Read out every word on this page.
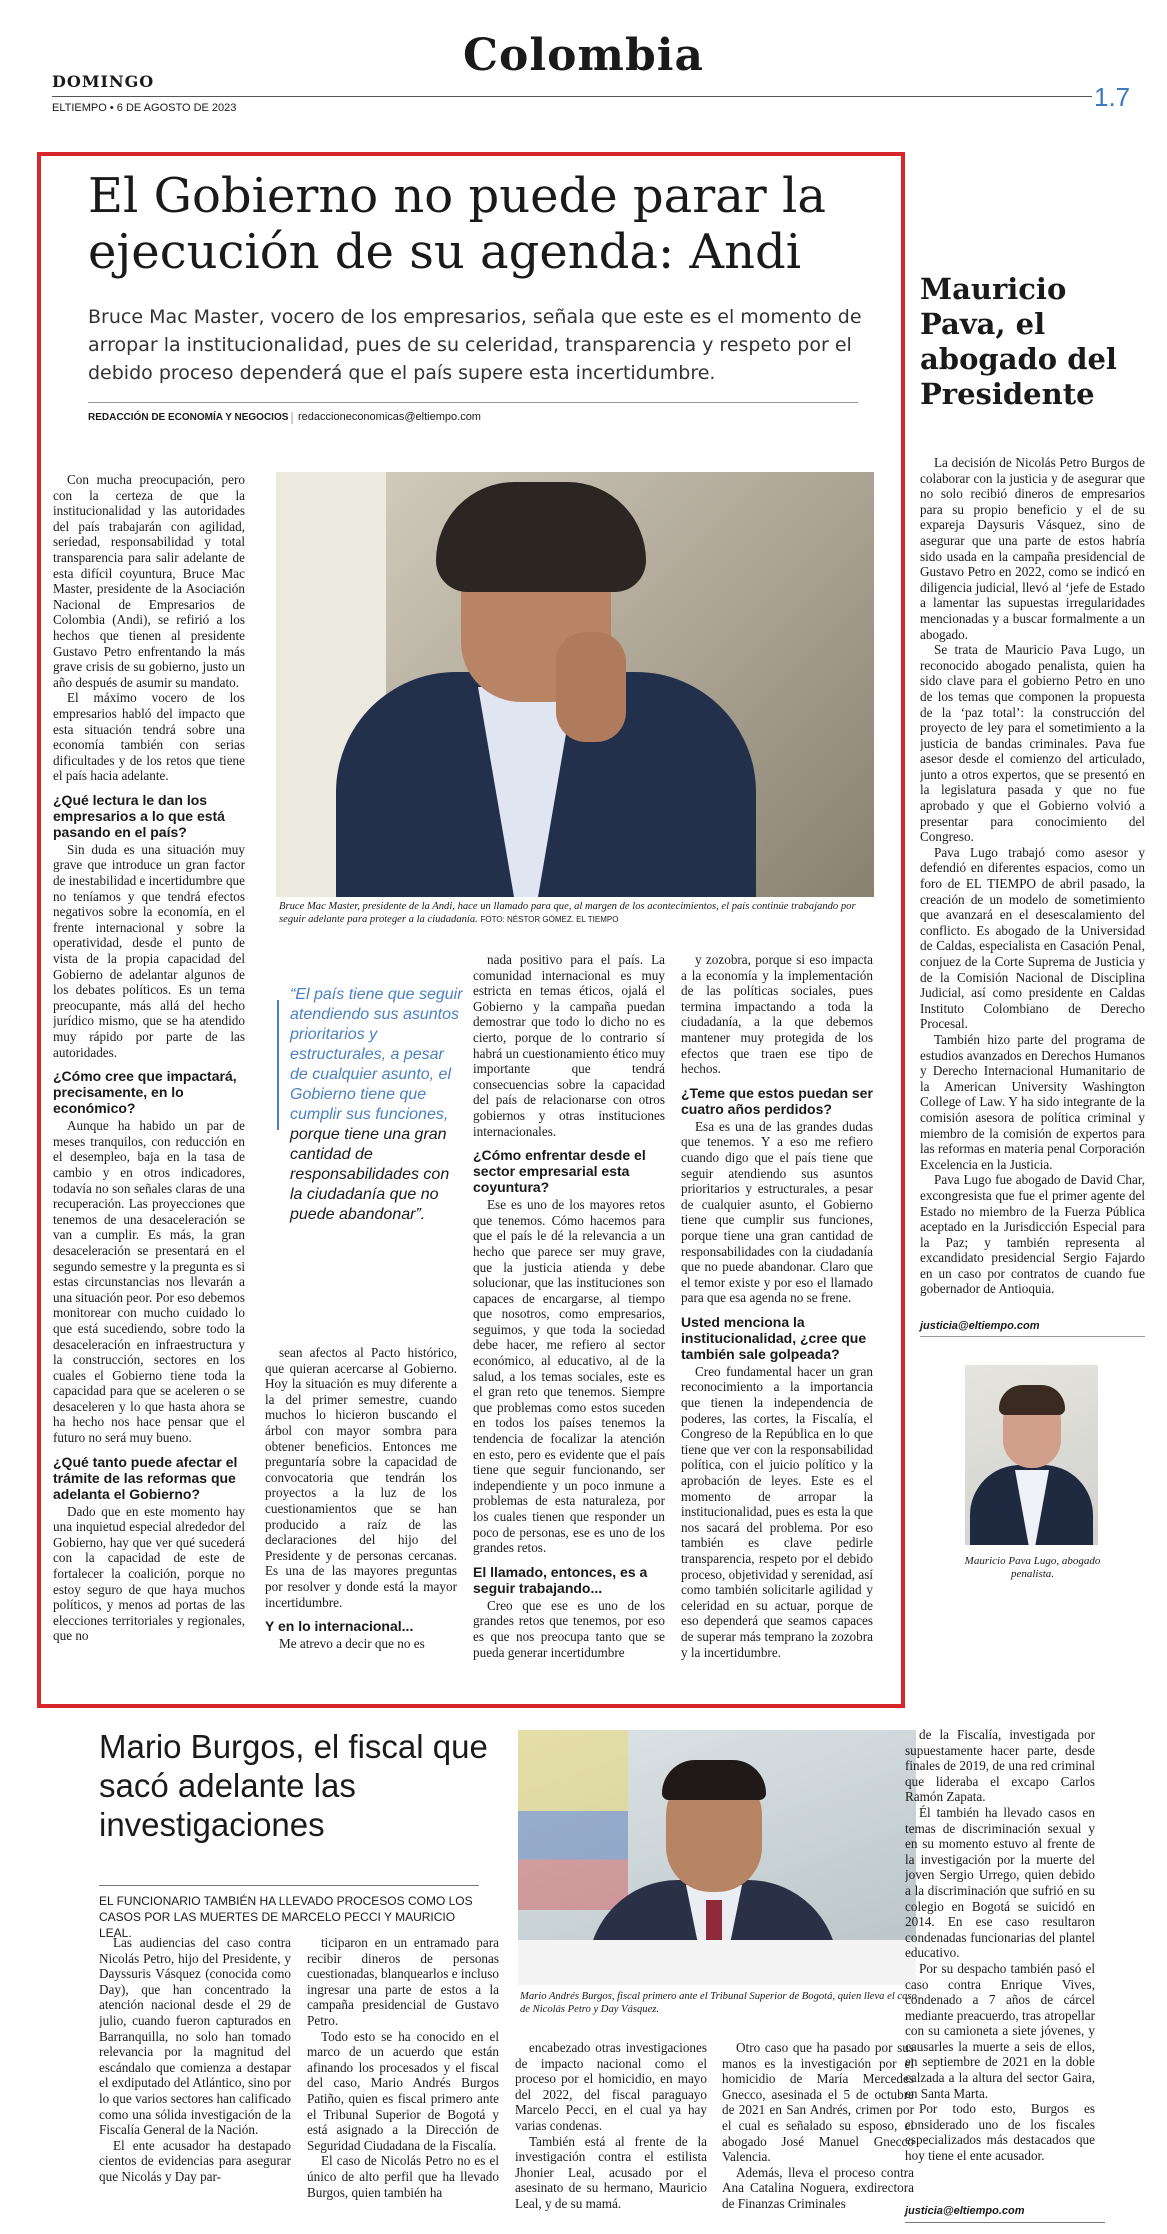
Colombia
DOMINGO
ELTIEMPO • 6 DE AGOSTO DE 2023	1.7
El Gobierno no puede parar la ejecución de su agenda: Andi

Bruce Mac Master, vocero de los empresarios, señala que este es el momento de arropar la institucionalidad, pues de su celeridad, transparencia y respeto por el debido proceso dependerá que el país supere esta incertidumbre.

REDACCIÓN DE ECONOMÍA Y NEGOCIOS | redaccioneconomicas@eltiempo.com

Con mucha preocupación, pero con la certeza de que la institucionalidad y las autoridades del país trabajarán con agilidad, seriedad, responsabilidad y total transparencia para salir adelante de esta difícil coyuntura, Bruce Mac Master, presidente de la Asociación Nacional de Empresarios de Colombia (Andi), se refirió a los hechos que tienen al presidente Gustavo Petro enfrentando la más grave crisis de su gobierno, justo un año después de asumir su mandato.

El máximo vocero de los empresarios habló del impacto que esta situación tendrá sobre una economía también con serias dificultades y de los retos que tiene el país hacia adelante.

¿Qué lectura le dan los empresarios a lo que está pasando en el país?

Sin duda es una situación muy grave que introduce un gran factor de inestabilidad e incertidumbre que no teníamos y que tendrá efectos negativos sobre la economía, en el frente internacional y sobre la operatividad, desde el punto de vista de la propia capacidad del Gobierno de adelantar algunos de los debates políticos. Es un tema preocupante, más allá del hecho jurídico mismo, que se ha atendido muy rápido por parte de las autoridades.

¿Cómo cree que impactará, precisamente, en lo económico?

Aunque ha habido un par de meses tranquilos, con reducción en el desempleo, baja en la tasa de cambio y en otros indicadores, todavía no son señales claras de una recuperación. Las proyecciones que tenemos de una desaceleración se van a cumplir. Es más, la gran desaceleración se presentará en el segundo semestre y la pregunta es si estas circunstancias nos llevarán a una situación peor. Por eso debemos monitorear con mucho cuidado lo que está sucediendo, sobre todo la desaceleración en infraestructura y la construcción, sectores en los cuales el Gobierno tiene toda la capacidad para que se aceleren o se desaceleren y lo que hasta ahora se ha hecho nos hace pensar que el futuro no será muy bueno.

¿Qué tanto puede afectar el trámite de las reformas que adelanta el Gobierno?

Dado que en este momento hay una inquietud especial alrededor del Gobierno, hay que ver qué sucederá con la capacidad de este de fortalecer la coalición, porque no estoy seguro de que haya muchos políticos, y menos ad portas de las elecciones territoriales y regionales, que no

Bruce Mac Master, presidente de la Andi, hace un llamado para que, al margen de los acontecimientos, el país continúe trabajando por seguir adelante para proteger a la ciudadanía. FOTO: NÉSTOR GÓMEZ. EL TIEMPO
“El país tiene que seguir atendiendo sus asuntos prioritarios y estructurales, a pesar de cualquier asunto, el Gobierno tiene que cumplir sus funciones, porque tiene una gran cantidad de responsabilidades con la ciudadanía que no puede abandonar”.

sean afectos al Pacto histórico, que quieran acercarse al Gobierno. Hoy la situación es muy diferente a la del primer semestre, cuando muchos lo hicieron buscando el árbol con mayor sombra para obtener beneficios. Entonces me preguntaría sobre la capacidad de convocatoria que tendrán los proyectos a la luz de los cuestionamientos que se han producido a raíz de las declaraciones del hijo del Presidente y de personas cercanas. Es una de las mayores preguntas por resolver y donde está la mayor incertidumbre.

Y en lo internacional...

Me atrevo a decir que no es

nada positivo para el país. La comunidad internacional es muy estricta en temas éticos, ojalá el Gobierno y la campaña puedan demostrar que todo lo dicho no es cierto, porque de lo contrario sí habrá un cuestionamiento ético muy importante que tendrá consecuencias sobre la capacidad del país de relacionarse con otros gobiernos y otras instituciones internacionales.

¿Cómo enfrentar desde el sector empresarial esta coyuntura?

Ese es uno de los mayores retos que tenemos. Cómo hacemos para que el país le dé la relevancia a un hecho que parece ser muy grave, que la justicia atienda y debe solucionar, que las instituciones son capaces de encargarse, al tiempo que nosotros, como empresarios, seguimos, y que toda la sociedad debe hacer, me refiero al sector económico, al educativo, al de la salud, a los temas sociales, este es el gran reto que tenemos. Siempre que problemas como estos suceden en todos los países tenemos la tendencia de focalizar la atención en esto, pero es evidente que el país tiene que seguir funcionando, ser independiente y un poco inmune a problemas de esta naturaleza, por los cuales tienen que responder un poco de personas, ese es uno de los grandes retos.

El llamado, entonces, es a seguir trabajando...

Creo que ese es uno de los grandes retos que tenemos, por eso es que nos preocupa tanto que se pueda generar incertidumbre

y zozobra, porque si eso impacta a la economía y la implementación de las políticas sociales, pues termina impactando a toda la ciudadanía, a la que debemos mantener muy protegida de los efectos que traen ese tipo de hechos.

¿Teme que estos puedan ser cuatro años perdidos?

Esa es una de las grandes dudas que tenemos. Y a eso me refiero cuando digo que el país tiene que seguir atendiendo sus asuntos prioritarios y estructurales, a pesar de cualquier asunto, el Gobierno tiene que cumplir sus funciones, porque tiene una gran cantidad de responsabilidades con la ciudadanía que no puede abandonar. Claro que el temor existe y por eso el llamado para que esa agenda no se frene.

Usted menciona la institucionalidad, ¿cree que también sale golpeada?

Creo fundamental hacer un gran reconocimiento a la importancia que tienen la independencia de poderes, las cortes, la Fiscalía, el Congreso de la República en lo que tiene que ver con la responsabilidad política, con el juicio político y la aprobación de leyes. Este es el momento de arropar la institucionalidad, pues es esta la que nos sacará del problema. Por eso también es clave pedirle transparencia, respeto por el debido proceso, objetividad y serenidad, así como también solicitarle agilidad y celeridad en su actuar, porque de eso dependerá que seamos capaces de superar más temprano la zozobra y la incertidumbre.

Mauricio Pava, el abogado del Presidente

La decisión de Nicolás Petro Burgos de colaborar con la justicia y de asegurar que no solo recibió dineros de empresarios para su propio beneficio y el de su expareja Daysuris Vásquez, sino de asegurar que una parte de estos habría sido usada en la campaña presidencial de Gustavo Petro en 2022, como se indicó en diligencia judicial, llevó al ‘jefe de Estado a lamentar las supuestas irregularidades mencionadas y a buscar formalmente a un abogado.

Se trata de Mauricio Pava Lugo, un reconocido abogado penalista, quien ha sido clave para el gobierno Petro en uno de los temas que componen la propuesta de la ‘paz total’: la construcción del proyecto de ley para el sometimiento a la justicia de bandas criminales. Pava fue asesor desde el comienzo del articulado, junto a otros expertos, que se presentó en la legislatura pasada y que no fue aprobado y que el Gobierno volvió a presentar para conocimiento del Congreso.

Pava Lugo trabajó como asesor y defendió en diferentes espacios, como un foro de EL TIEMPO de abril pasado, la creación de un modelo de sometimiento que avanzará en el desescalamiento del conflicto. Es abogado de la Universidad de Caldas, especialista en Casación Penal, conjuez de la Corte Suprema de Justicia y de la Comisión Nacional de Disciplina Judicial, así como presidente en Caldas Instituto Colombiano de Derecho Procesal.

También hizo parte del programa de estudios avanzados en Derechos Humanos y Derecho Internacional Humanitario de la American University Washington College of Law. Y ha sido integrante de la comisión asesora de política criminal y miembro de la comisión de expertos para las reformas en materia penal Corporación Excelencia en la Justicia.

Pava Lugo fue abogado de David Char, excongresista que fue el primer agente del Estado no miembro de la Fuerza Pública aceptado en la Jurisdicción Especial para la Paz; y también representa al excandidato presidencial Sergio Fajardo en un caso por contratos de cuando fue gobernador de Antioquia.

justicia@eltiempo.com
Mauricio Pava Lugo, abogado penalista.
Mario Burgos, el fiscal que sacó adelante las investigaciones
EL FUNCIONARIO TAMBIÉN HA LLEVADO PROCESOS COMO LOS CASOS POR LAS MUERTES DE MARCELO PECCI Y MAURICIO LEAL.
Mario Andrés Burgos, fiscal primero ante el Tribunal Superior de Bogotá, quien lleva el caso de Nicolás Petro y Day Vásquez.

Las audiencias del caso contra Nicolás Petro, hijo del Presidente, y Dayssuris Vásquez (conocida como Day), que han concentrado la atención nacional desde el 29 de julio, cuando fueron capturados en Barranquilla, no solo han tomado relevancia por la magnitud del escándalo que comienza a destapar el exdiputado del Atlántico, sino por lo que varios sectores han calificado como una sólida investigación de la Fiscalía General de la Nación.

El ente acusador ha destapado cientos de evidencias para asegurar que Nicolás y Day par-

ticiparon en un entramado para recibir dineros de personas cuestionadas, blanquearlos e incluso ingresar una parte de estos a la campaña presidencial de Gustavo Petro.

Todo esto se ha conocido en el marco de un acuerdo que están afinando los procesados y el fiscal del caso, Mario Andrés Burgos Patiño, quien es fiscal primero ante el Tribunal Superior de Bogotá y está asignado a la Dirección de Seguridad Ciudadana de la Fiscalía.

El caso de Nicolás Petro no es el único de alto perfil que ha llevado Burgos, quien también ha

encabezado otras investigaciones de impacto nacional como el proceso por el homicidio, en mayo del 2022, del fiscal paraguayo Marcelo Pecci, en el cual ya hay varias condenas.

También está al frente de la investigación contra el estilista Jhonier Leal, acusado por el asesinato de su hermano, Mauricio Leal, y de su mamá.

Otro caso que ha pasado por sus manos es la investigación por el homicidio de María Mercedes Gnecco, asesinada el 5 de octubre de 2021 en San Andrés, crimen por el cual es señalado su esposo, el abogado José Manuel Gnecco Valencia.

Además, lleva el proceso contra Ana Catalina Noguera, exdirectora de Finanzas Criminales

de la Fiscalía, investigada por supuestamente hacer parte, desde finales de 2019, de una red criminal que lideraba el excapo Carlos Ramón Zapata.

Él también ha llevado casos en temas de discriminación sexual y en su momento estuvo al frente de la investigación por la muerte del joven Sergio Urrego, quien debido a la discriminación que sufrió en su colegio en Bogotá se suicidó en 2014. En ese caso resultaron condenadas funcionarias del plantel educativo.

Por su despacho también pasó el caso contra Enrique Vives, condenado a 7 años de cárcel mediante preacuerdo, tras atropellar con su camioneta a siete jóvenes, y causarles la muerte a seis de ellos, en septiembre de 2021 en la doble calzada a la altura del sector Gaira, en Santa Marta.

Por todo esto, Burgos es considerado uno de los fiscales especializados más destacados que hoy tiene el ente acusador.

justicia@eltiempo.com
